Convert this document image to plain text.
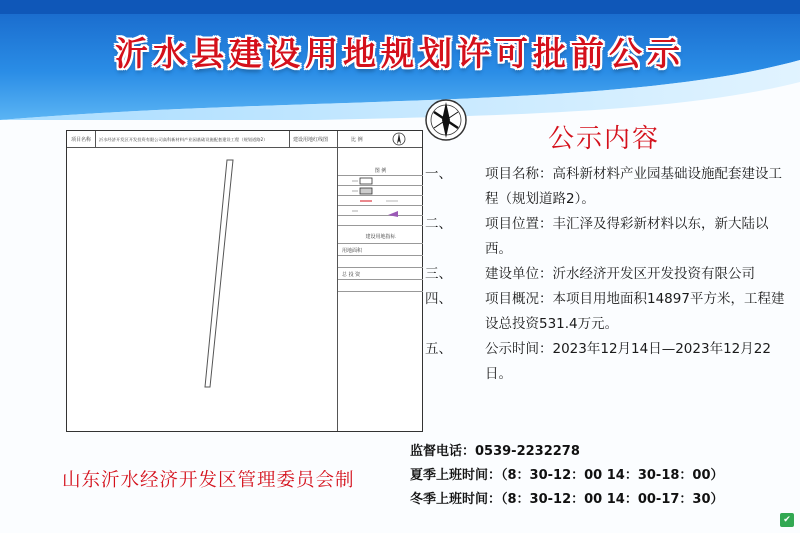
沂水县建设用地规划许可批前公示
项目名称 沂水经济开发区开发投资有限公司高科新材料产业园基础设施配套建设工程（规划道路2）	建设用地红线图	比 例
图 例
建设用地指标
用地面积
总 投 资
公示内容
一、 项目名称：高科新材料产业园基础设施配套建设工程（规划道路2）。
二、 项目位置：丰汇泽及得彩新材料以东，新大陆以西。
三、 建设单位：沂水经济开发区开发投资有限公司
四、 项目概况：本项目用地面积14897平方米，工程建设总投资531.4万元。
五、 公示时间：2023年12月14日—2023年12月22日。
监督电话：0539-2232278
夏季上班时间：（8：30-12：00 14：30-18：00）
冬季上班时间：（8：30-12：00 14：00-17：30）
山东沂水经济开发区管理委员会制
✔
